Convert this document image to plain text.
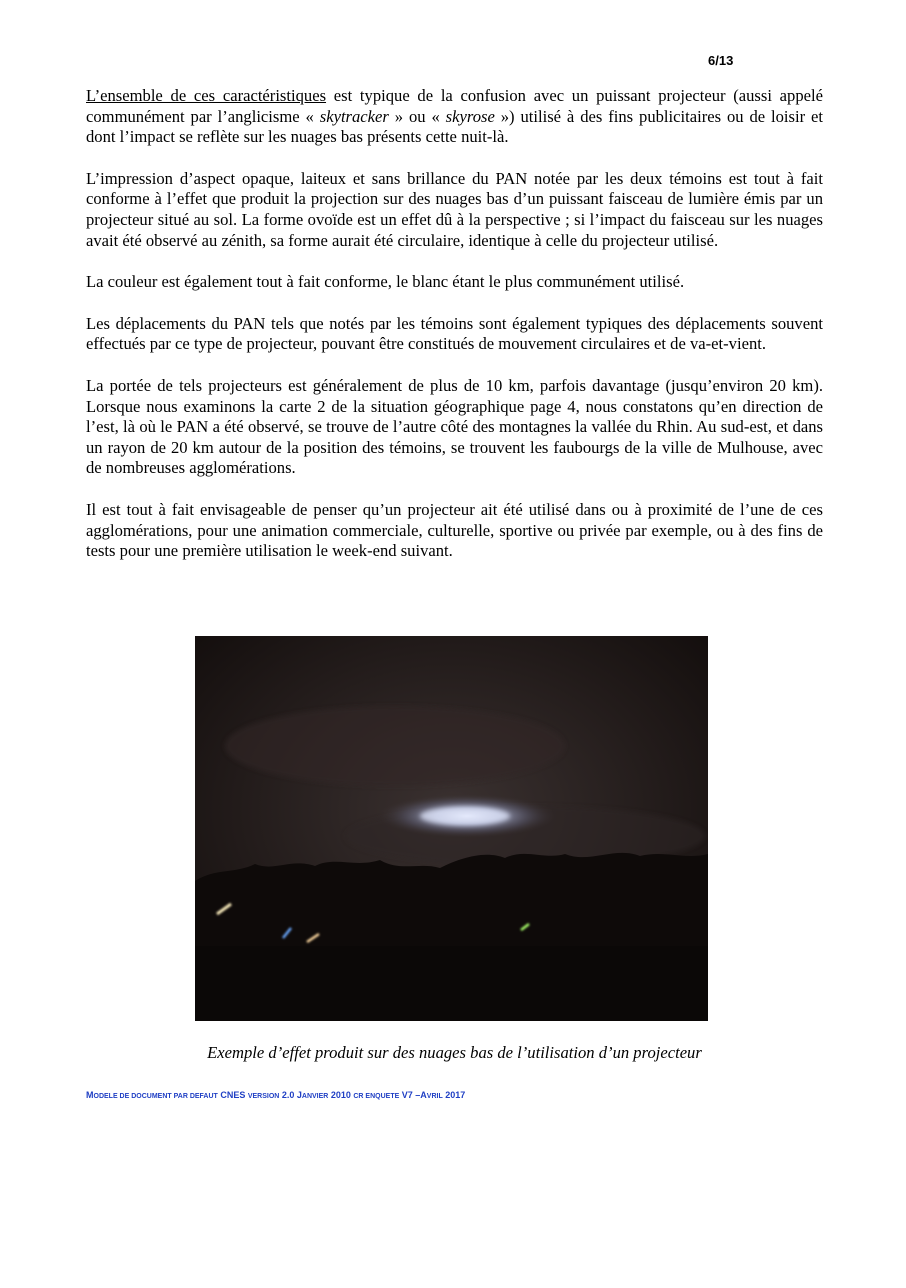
6/13

L’ensemble de ces caractéristiques est typique de la confusion avec un puissant projecteur (aussi appelé communément par l’anglicisme « skytracker » ou « skyrose ») utilisé à des fins publicitaires ou de loisir et dont l’impact se reflète sur les nuages bas présents cette nuit-là.

L’impression d’aspect opaque, laiteux et sans brillance du PAN notée par les deux témoins est tout à fait conforme à l’effet que produit la projection sur des nuages bas d’un puissant faisceau de lumière émis par un projecteur situé au sol. La forme ovoïde est un effet dû à la perspective ; si l’impact du faisceau sur les nuages avait été observé au zénith, sa forme aurait été circulaire, identique à celle du projecteur utilisé.

La couleur est également tout à fait conforme, le blanc étant le plus communément utilisé.

Les déplacements du PAN tels que notés par les témoins sont également typiques des déplacements souvent effectués par ce type de projecteur, pouvant être constitués de mouvement circulaires et de va-et-vient.

La portée de tels projecteurs est généralement de plus de 10 km, parfois davantage (jusqu’environ 20 km). Lorsque nous examinons la carte 2 de la situation géographique page 4, nous constatons qu’en direction de l’est, là où le PAN a été observé, se trouve de l’autre côté des montagnes la vallée du Rhin. Au sud-est, et dans un rayon de 20 km autour de la position des témoins, se trouvent les faubourgs de la ville de Mulhouse, avec de nombreuses agglomérations.

Il est tout à fait envisageable de penser qu’un projecteur ait été utilisé dans ou à proximité de l’une de ces agglomérations, pour une animation commerciale, culturelle, sportive ou privée par exemple, ou à des fins de tests pour une première utilisation le week-end suivant.

Exemple d’effet produit sur des nuages bas de l’utilisation d’un projecteur
MODELE DE DOCUMENT PAR DEFAUT CNES VERSION 2.0 JANVIER 2010 CR ENQUETE V7 –AVRIL 2017
